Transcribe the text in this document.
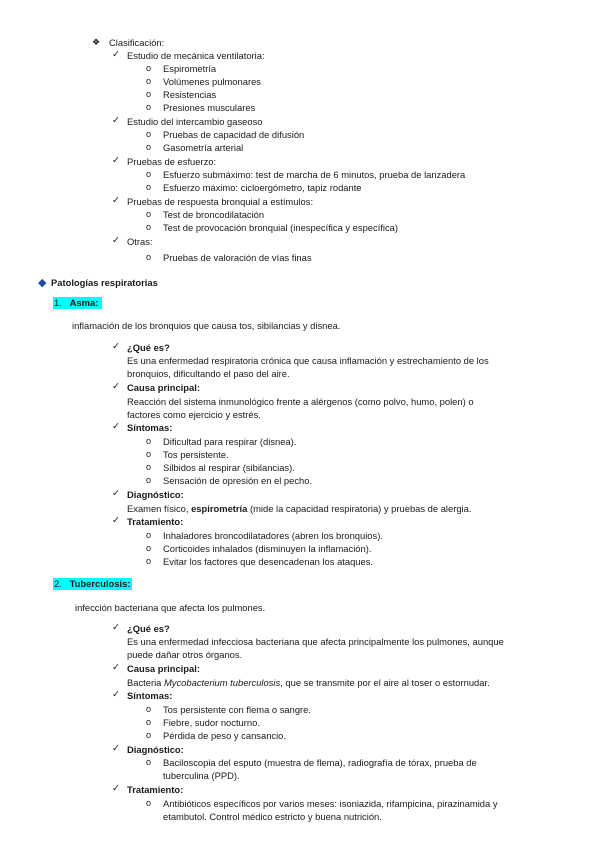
❖ Clasificación:
✓ Estudio de mecánica ventilatoria:
o Espirometría
o Volúmenes pulmonares
o Resistencias
o Presiones musculares
✓ Estudio del intercambio gaseoso
o Pruebas de capacidad de difusión
o Gasometría arterial
✓ Pruebas de esfuerzo:
o Esfuerzo submáximo: test de marcha de 6 minutos, prueba de lanzadera
o Esfuerzo máximo: cicloergómetro, tapiz rodante
✓ Pruebas de respuesta bronquial a estímulos:
o Test de broncodilatación
o Test de provocación bronquial (inespecífica y específica)
✓ Otras:
o Pruebas de valoración de vías finas
◆ Patologías respiratorias
1. Asma:
inflamación de los bronquios que causa tos, sibilancias y disnea.
✓ ¿Qué es?
Es una enfermedad respiratoria crónica que causa inflamación y estrechamiento de los
bronquios, dificultando el paso del aire.
✓ Causa principal:
Reacción del sistema inmunológico frente a alérgenos (como polvo, humo, polen) o
factores como ejercicio y estrés.
✓ Síntomas:
o Dificultad para respirar (disnea).
o Tos persistente.
o Silbidos al respirar (sibilancias).
o Sensación de opresión en el pecho.
✓ Diagnóstico:
Examen físico, espirometría (mide la capacidad respiratoria) y pruebas de alergia.
✓ Tratamiento:
o Inhaladores broncodilatadores (abren los bronquios).
o Corticoides inhalados (disminuyen la inflamación).
o Evitar los factores que desencadenan los ataques.
2. Tuberculosis:
infección bacteriana que afecta los pulmones.
✓ ¿Qué es?
Es una enfermedad infecciosa bacteriana que afecta principalmente los pulmones, aunque
puede dañar otros órganos.
✓ Causa principal:
Bacteria Mycobacterium tuberculosis, que se transmite por el aire al toser o estornudar.
✓ Síntomas:
o Tos persistente con flema o sangre.
o Fiebre, sudor nocturno.
o Pérdida de peso y cansancio.
✓ Diagnóstico:
o Baciloscopia del esputo (muestra de flema), radiografía de tórax, prueba de
tuberculina (PPD).
✓ Tratamiento:
o Antibióticos específicos por varios meses: isoniazida, rifampicina, pirazinamida y
etambutol. Control médico estricto y buena nutrición.
